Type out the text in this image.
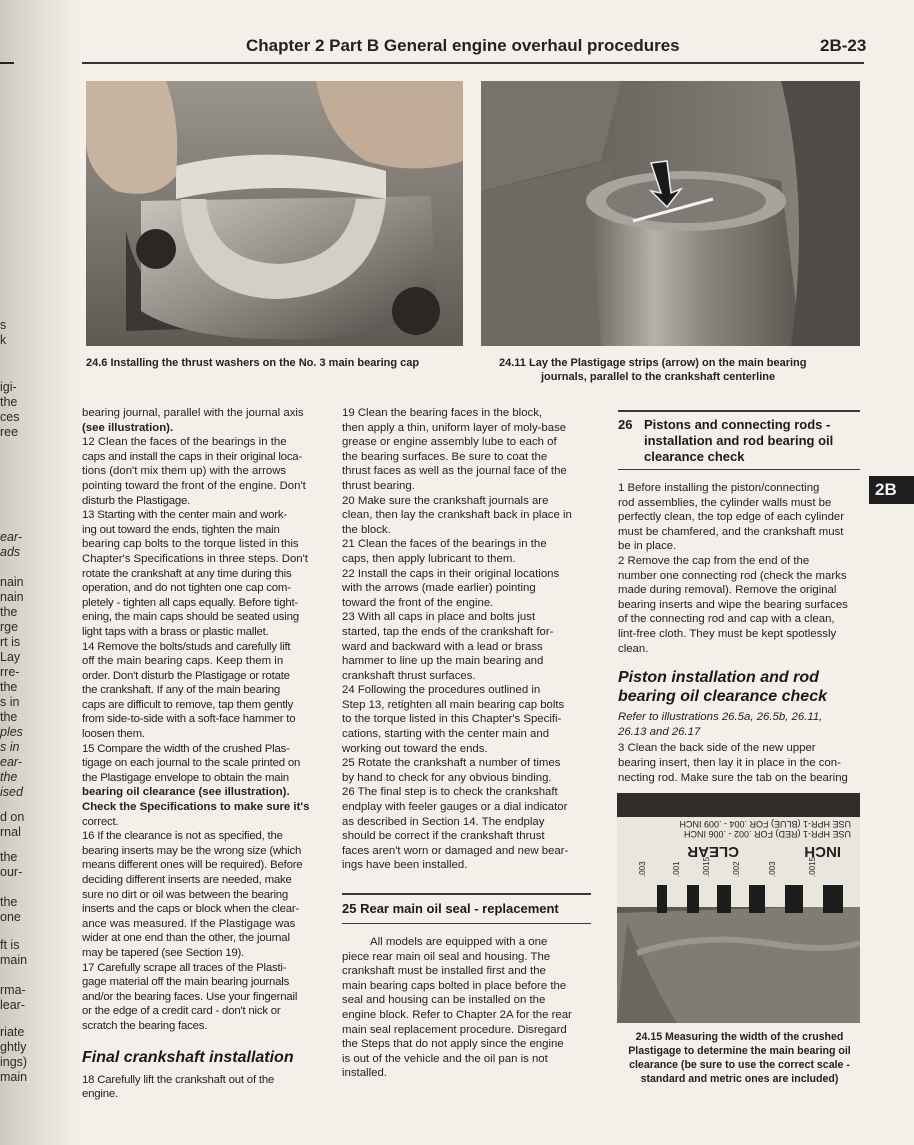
s
k
igi-
the
ces
ree
ear-
ads
nain
nain
the
rge
rt is
Lay
rre-
the
s in
the
ples
s in
ear-
the
ised
d on
rnal
the
our-
the
one
ft is
main
rma-
lear-
riate
ghtly
ings)
main
Chapter 2 Part B General engine overhaul procedures	2B-23
24.6 Installing the thrust washers on the No. 3 main bearing cap	24.11 Lay the Plastigage strips (arrow) on the main bearing
journals, parallel to the crankshaft centerline

bearing journal, parallel with the journal axis

(see illustration).

12 Clean the faces of the bearings in the

caps and install the caps in their original loca-

tions (don't mix them up) with the arrows

pointing toward the front of the engine. Don't

disturb the Plastigage.

13 Starting with the center main and work-

ing out toward the ends, tighten the main

bearing cap bolts to the torque listed in this

Chapter's Specifications in three steps. Don't

rotate the crankshaft at any time during this

operation, and do not tighten one cap com-

pletely - tighten all caps equally. Before tight-

ening, the main caps should be seated using

light taps with a brass or plastic mallet.

14 Remove the bolts/studs and carefully lift

off the main bearing caps. Keep them in

order. Don't disturb the Plastigage or rotate

the crankshaft. If any of the main bearing

caps are difficult to remove, tap them gently

from side-to-side with a soft-face hammer to

loosen them.

15 Compare the width of the crushed Plas-

tigage on each journal to the scale printed on

the Plastigage envelope to obtain the main

bearing oil clearance (see illustration).

Check the Specifications to make sure it's

correct.

16 If the clearance is not as specified, the

bearing inserts may be the wrong size (which

means different ones will be required). Before

deciding different inserts are needed, make

sure no dirt or oil was between the bearing

inserts and the caps or block when the clear-

ance was measured. If the Plastigage was

wider at one end than the other, the journal

may be tapered (see Section 19).

17 Carefully scrape all traces of the Plasti-

gage material off the main bearing journals

and/or the bearing faces. Use your fingernail

or the edge of a credit card - don't nick or

scratch the bearing faces.

Final crankshaft installation

18 Carefully lift the crankshaft out of the

engine.

19 Clean the bearing faces in the block,

then apply a thin, uniform layer of moly-base

grease or engine assembly lube to each of

the bearing surfaces. Be sure to coat the

thrust faces as well as the journal face of the

thrust bearing.

20 Make sure the crankshaft journals are

clean, then lay the crankshaft back in place in

the block.

21 Clean the faces of the bearings in the

caps, then apply lubricant to them.

22 Install the caps in their original locations

with the arrows (made earlier) pointing

toward the front of the engine.

23 With all caps in place and bolts just

started, tap the ends of the crankshaft for-

ward and backward with a lead or brass

hammer to line up the main bearing and

crankshaft thrust surfaces.

24 Following the procedures outlined in

Step 13, retighten all main bearing cap bolts

to the torque listed in this Chapter's Specifi-

cations, starting with the center main and

working out toward the ends.

25 Rotate the crankshaft a number of times

by hand to check for any obvious binding.

26 The final step is to check the crankshaft

endplay with feeler gauges or a dial indicator

as described in Section 14. The endplay

should be correct if the crankshaft thrust

faces aren't worn or damaged and new bear-

ings have been installed.

25 Rear main oil seal - replacement

All models are equipped with a one

piece rear main oil seal and housing. The

crankshaft must be installed first and the

main bearing caps bolted in place before the

seal and housing can be installed on the

engine block. Refer to Chapter 2A for the rear

main seal replacement procedure. Disregard

the Steps that do not apply since the engine

is out of the vehicle and the oil pan is not

installed.

26 Pistons and connecting rods -
installation and rod bearing oil
clearance check

1 Before installing the piston/connecting

rod assemblies, the cylinder walls must be

perfectly clean, the top edge of each cylinder

must be chamfered, and the crankshaft must

be in place.

2 Remove the cap from the end of the

number one connecting rod (check the marks

made during removal). Remove the original

bearing inserts and wipe the bearing surfaces

of the connecting rod and cap with a clean,

lint-free cloth. They must be kept spotlessly

clean.

Piston installation and rod
bearing oil clearance check

Refer to illustrations 26.5a, 26.5b, 26.11,

26.13 and 26.17

3 Clean the back side of the new upper

bearing insert, then lay it in place in the con-

necting rod. Make sure the tab on the bearing

2B
USE HPR-1 (BLUE) FOR .004 - .009 INCH
USE HPR-1 (RED) FOR .002 - .006 INCH
CLEAR	INCH
.003	.001	.0015	.002	.003	.0015
24.15 Measuring the width of the crushed
Plastigage to determine the main bearing oil
clearance (be sure to use the correct scale -
standard and metric ones are included)
